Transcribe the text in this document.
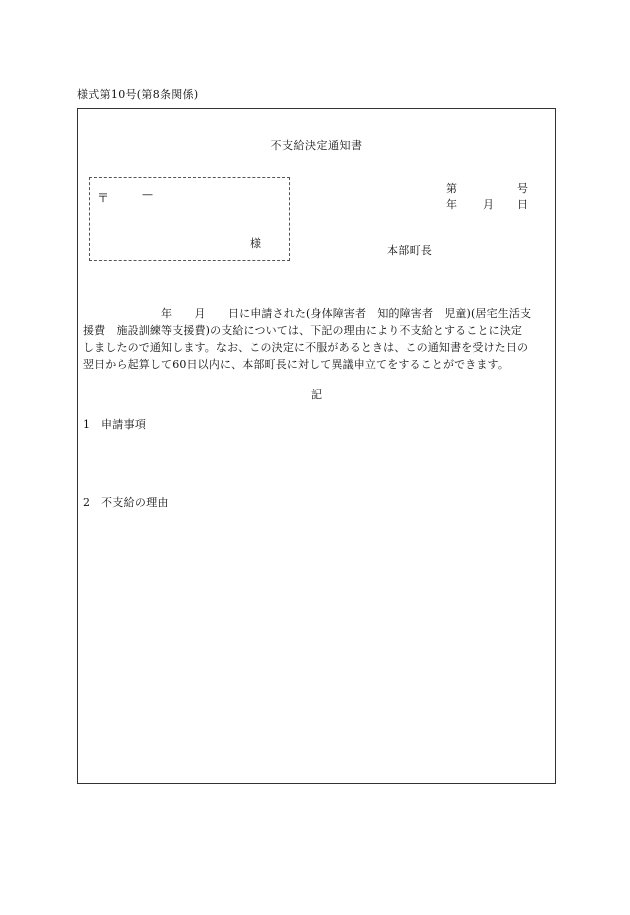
様式第10号(第8条関係)
不支給決定通知書
〒	—
様
第	号
年 月 日
本部町長
　　　　　　　年　　月　　日に申請された(身体障害者　知的障害者　児童)(居宅生活支
援費　施設訓練等支援費)の支給については、下記の理由により不支給とすることに決定
しましたので通知します。なお、この決定に不服があるときは、この通知書を受けた日の
翌日から起算して60日以内に、本部町長に対して異議申立てをすることができます。
記
1 申請事項
2 不支給の理由
